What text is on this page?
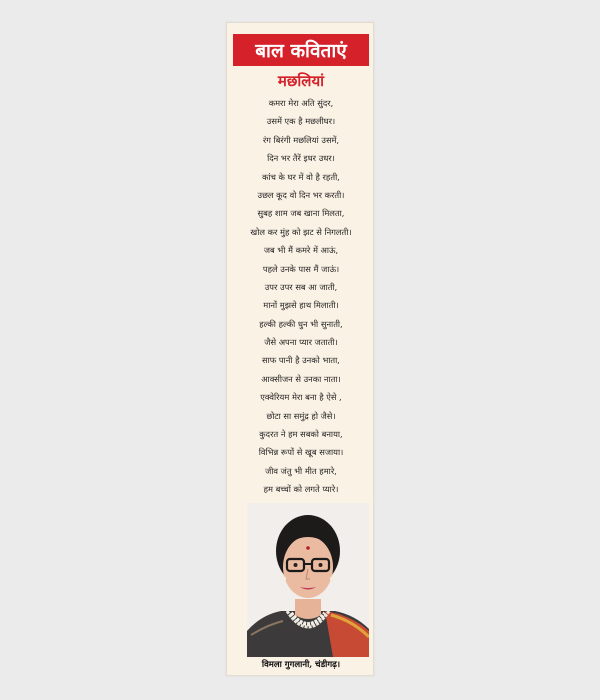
बाल कविताएं
मछलियां
कमरा मेरा अति सुंदर,
उसमें एक है मछलीघर।
रंग बिरंगी मछलियां उसमें,
दिन भर तैरें इधर उधर।
कांच के घर में वो है रहती,
उछल कूद वो दिन भर करती।
सुबह शाम जब खाना मिलता,
खोल कर मुंह को झट से निगलती।
जब भी मैं कमरे में आऊं,
पहले उनके पास मैं जाऊं।
उपर उपर सब आ जाती,
मानों मुझसे हाथ मिलाती।
हल्की हल्की धुन भी सुनाती,
जैसे अपना प्यार जताती।
साफ पानी है उनको भाता,
आक्सीजन से उनका नाता।
एक्वेरियम मेरा बना है ऐसे ,
छोटा सा समुंद्र हो जैसे।
कुदरत ने हम सबको बनाया,
विभिन्न रूपों से खूब सजाया।
जीव जंतु भी मीत हमारे,
हम बच्चों को लगते प्यारे।
विमला गुगलानी, चंडीगढ़।
